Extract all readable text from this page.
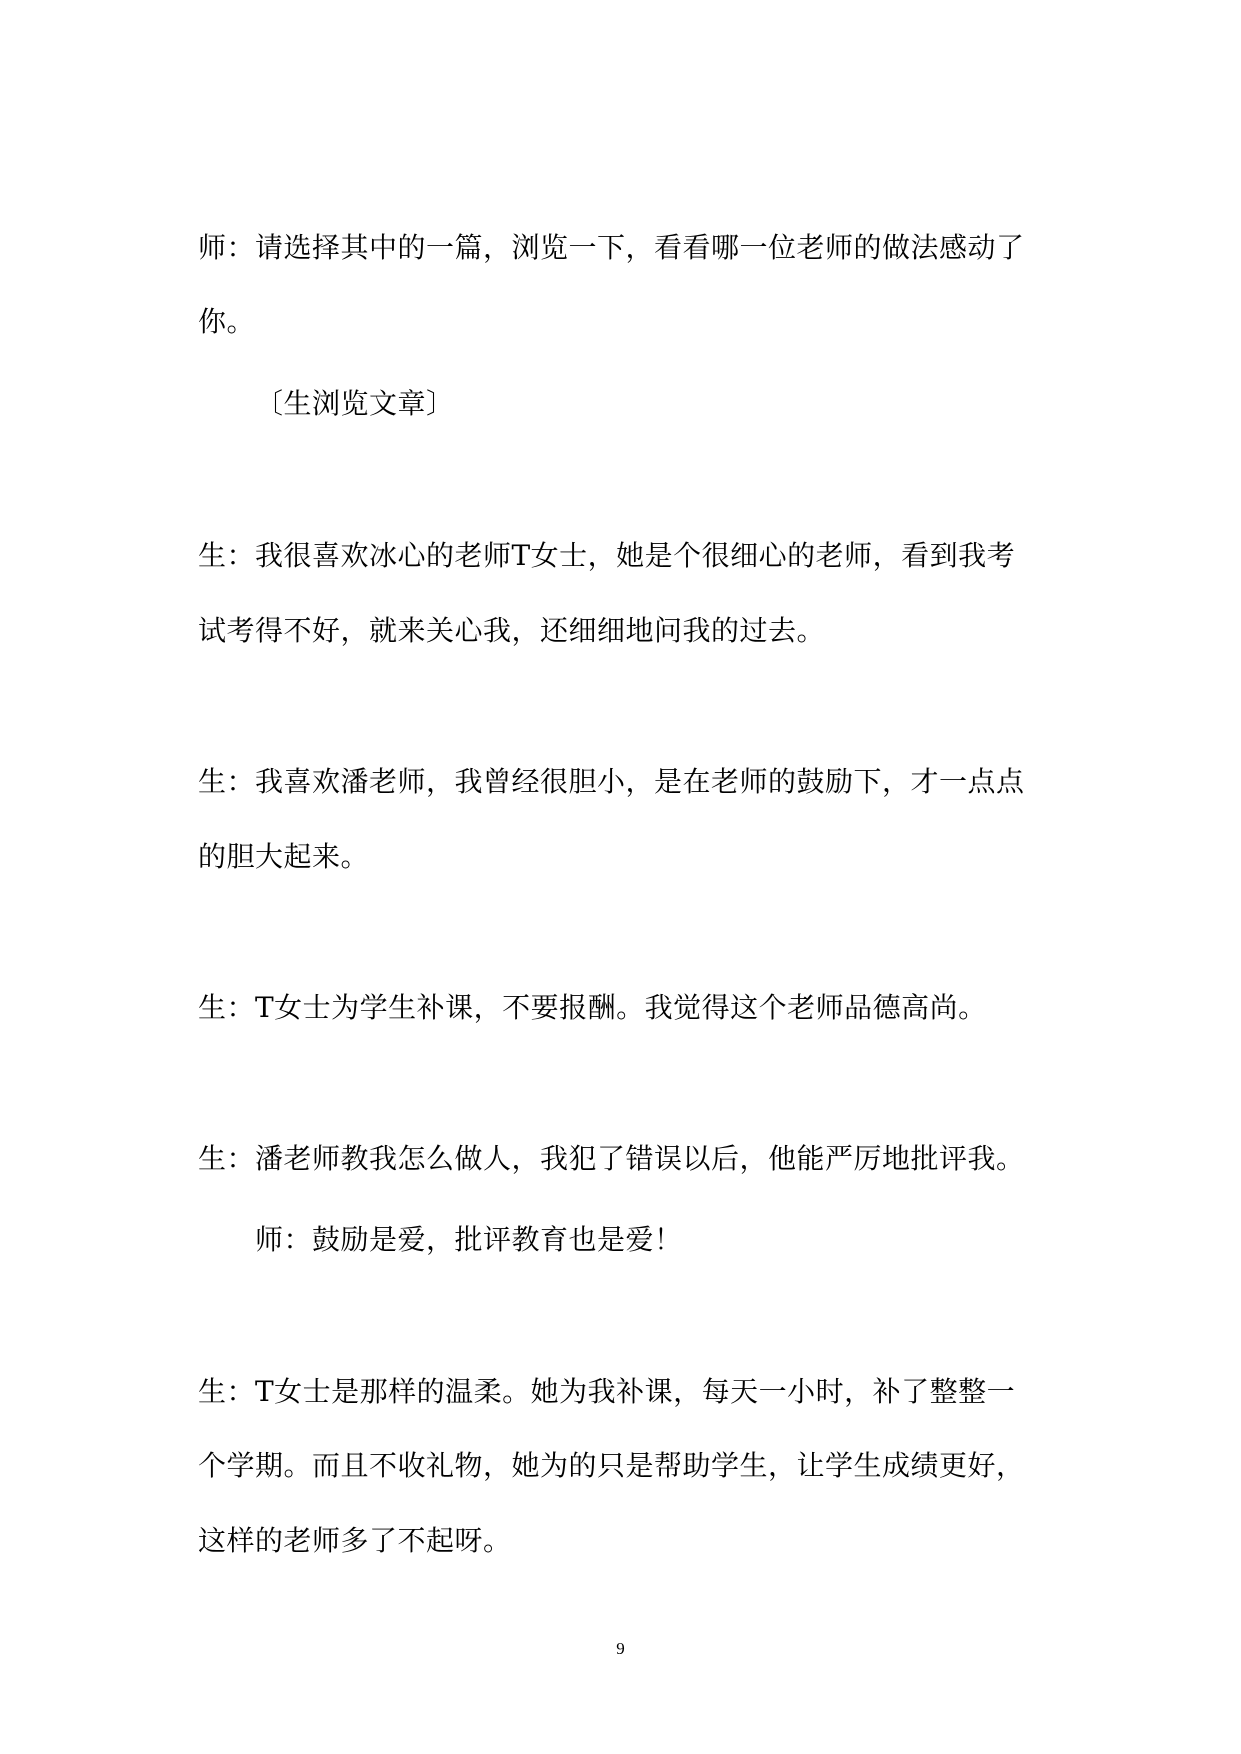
师：请选择其中的一篇，浏览一下，看看哪一位老师的做法感动了
你。
〔生浏览文章〕
生：我很喜欢冰心的老师T女士，她是个很细心的老师，看到我考
试考得不好，就来关心我，还细细地问我的过去。
生：我喜欢潘老师，我曾经很胆小，是在老师的鼓励下，才一点点
的胆大起来。
生：T女士为学生补课，不要报酬。我觉得这个老师品德高尚。
生：潘老师教我怎么做人，我犯了错误以后，他能严厉地批评我。
师：鼓励是爱，批评教育也是爱！
生：T女士是那样的温柔。她为我补课，每天一小时，补了整整一
个学期。而且不收礼物，她为的只是帮助学生，让学生成绩更好，
这样的老师多了不起呀。
9
